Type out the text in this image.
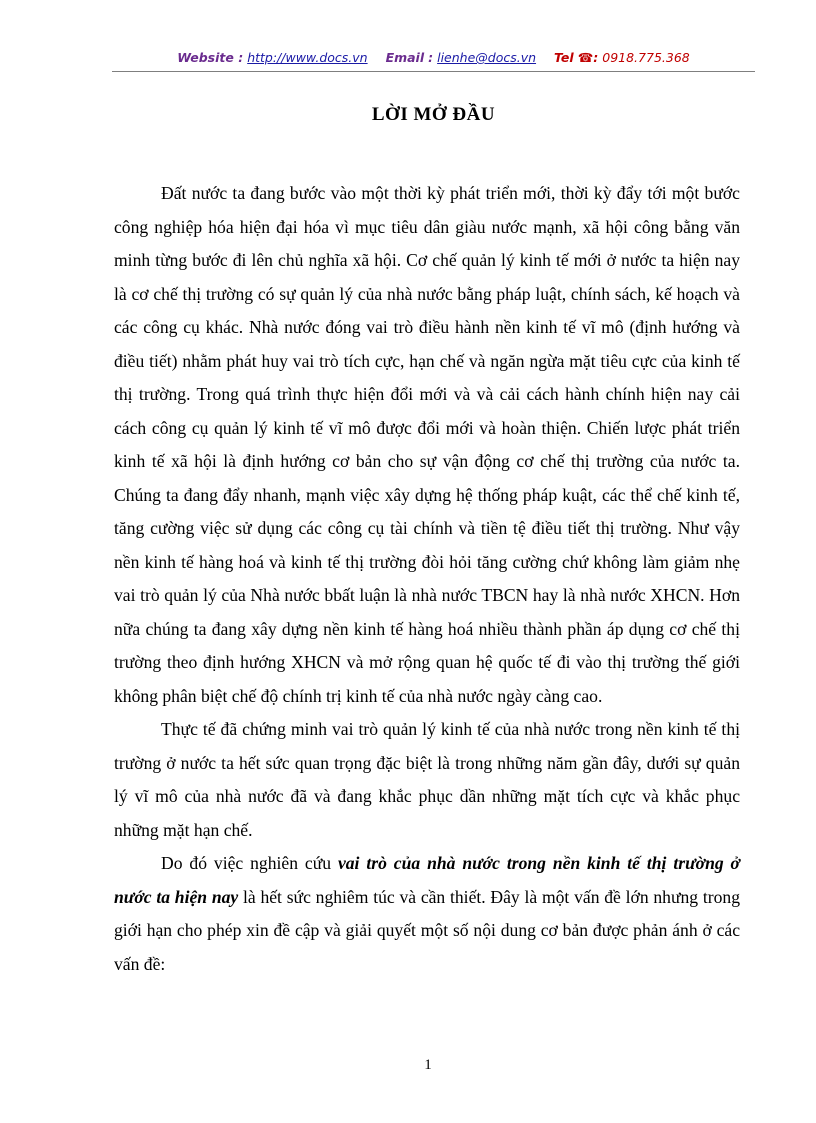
Website : http://www.docs.vn Email : lienhe@docs.vn Tel ☎: 0918.775.368
LỜI MỞ ĐẦU

Đất nước ta đang bước vào một thời kỳ phát triển mới, thời kỳ đẩy tới một bước công nghiệp hóa hiện đại hóa vì mục tiêu dân giàu nước mạnh, xã hội công bằng văn minh từng bước đi lên chủ nghĩa xã hội. Cơ chế quản lý kinh tế mới ở nước ta hiện nay là cơ chế thị trường có sự quản lý của nhà nước bằng pháp luật, chính sách, kế hoạch và các công cụ khác. Nhà nước đóng vai trò điều hành nền kinh tế vĩ mô (định hướng và điều tiết) nhằm phát huy vai trò tích cực, hạn chế và ngăn ngừa mặt tiêu cực của kinh tế thị trường. Trong quá trình thực hiện đổi mới và và cải cách hành chính hiện nay cải cách công cụ quản lý kinh tế vĩ mô được đổi mới và hoàn thiện. Chiến lược phát triển kinh tế xã hội là định hướng cơ bản cho sự vận động cơ chế thị trường của nước ta. Chúng ta đang đẩy nhanh, mạnh việc xây dựng hệ thống pháp kuật, các thể chế kinh tế, tăng cường việc sử dụng các công cụ tài chính và tiền tệ điều tiết thị trường. Như vậy nền kinh tế hàng hoá và kinh tế thị trường đòi hỏi tăng cường chứ không làm giảm nhẹ vai trò quản lý của Nhà nước bbất luận là nhà nước TBCN hay là nhà nước XHCN. Hơn nữa chúng ta đang xây dựng nền kinh tế hàng hoá nhiều thành phần áp dụng cơ chế thị trường theo định hướng XHCN và mở rộng quan hệ quốc tế đi vào thị trường thế giới không phân biệt chế độ chính trị kinh tế của nhà nước ngày càng cao.

Thực tế đã chứng minh vai trò quản lý kinh tế của nhà nước trong nền kinh tế thị trường ở nước ta hết sức quan trọng đặc biệt là trong những năm gần đây, dưới sự quản lý vĩ mô của nhà nước đã và đang khắc phục dần những mặt tích cực và khắc phục những mặt hạn chế.

Do đó việc nghiên cứu vai trò của nhà nước trong nền kinh tế thị trường ở nước ta hiện nay là hết sức nghiêm túc và cần thiết. Đây là một vấn đề lớn nhưng trong giới hạn cho phép xin đề cập và giải quyết một số nội dung cơ bản được phản ánh ở các vấn đề:

1
